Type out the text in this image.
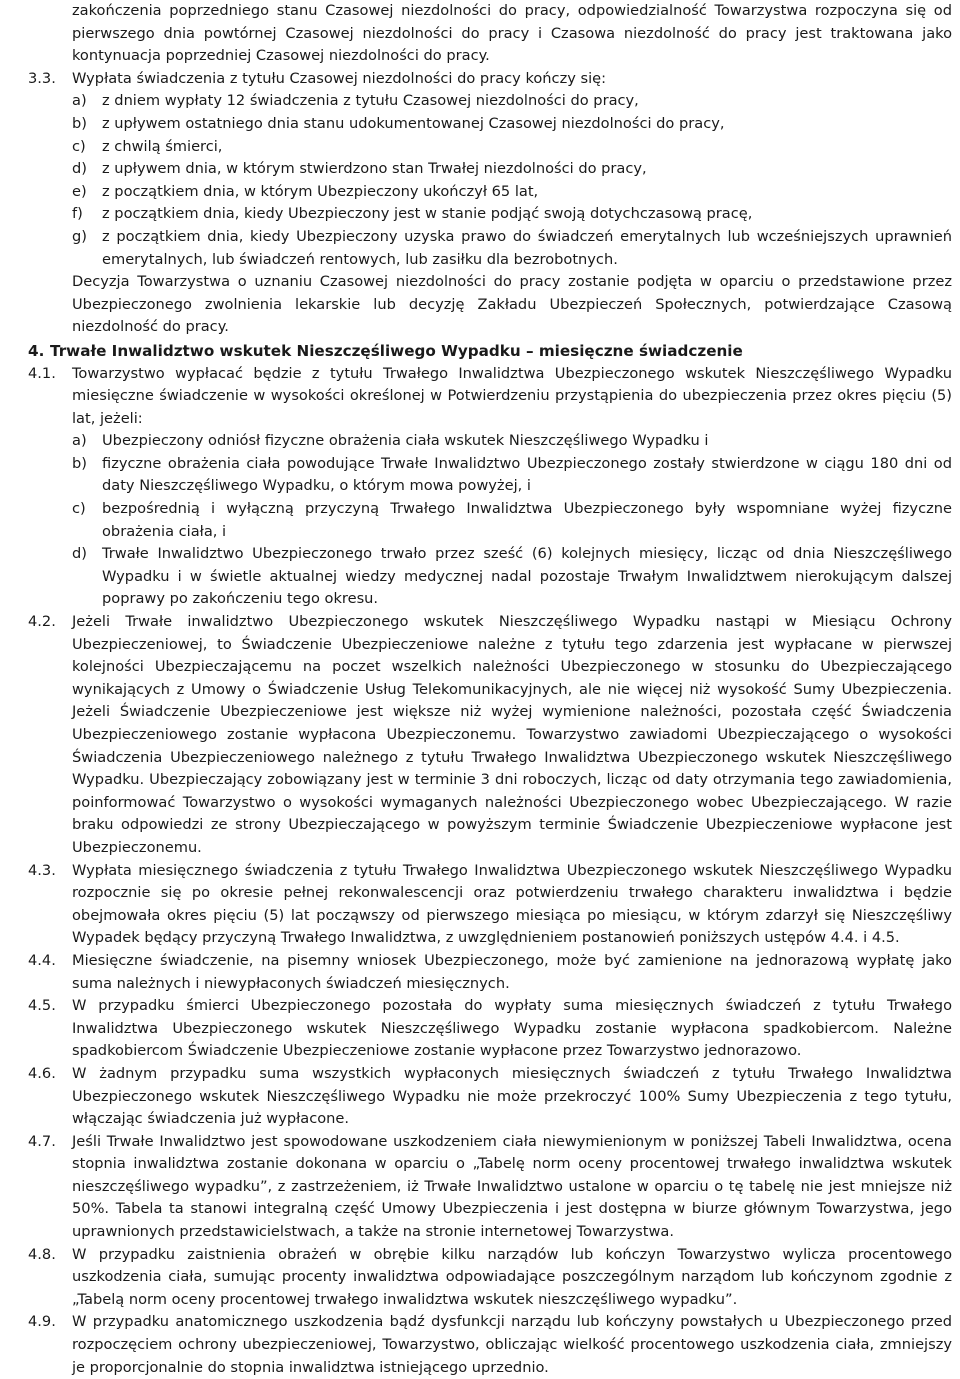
zakończenia poprzedniego stanu Czasowej niezdolności do pracy, odpowiedzialność Towarzystwa rozpoczyna się od pierwszego dnia powtórnej Czasowej niezdolności do pracy i Czasowa niezdolność do pracy jest traktowana jako kontynuacja poprzedniej Czasowej niezdolności do pracy.

3.3.	Wypłata świadczenia z tytułu Czasowej niezdolności do pracy kończy się:
a)	z dniem wypłaty 12 świadczenia z tytułu Czasowej niezdolności do pracy,
b)	z upływem ostatniego dnia stanu udokumentowanej Czasowej niezdolności do pracy,
c)	z chwilą śmierci,
d)	z upływem dnia, w którym stwierdzono stan Trwałej niezdolności do pracy,
e)	z początkiem dnia, w którym Ubezpieczony ukończył 65 lat,
f)	z początkiem dnia, kiedy Ubezpieczony jest w stanie podjąć swoją dotychczasową pracę,
g)	z początkiem dnia, kiedy Ubezpieczony uzyska prawo do świadczeń emerytalnych lub wcześniejszych uprawnień emerytalnych, lub świadczeń rentowych, lub zasiłku dla bezrobotnych.

Decyzja Towarzystwa o uznaniu Czasowej niezdolności do pracy zostanie podjęta w oparciu o przedstawione przez Ubezpieczonego zwolnienia lekarskie lub decyzję Zakładu Ubezpieczeń Społecznych, potwierdzające Czasową niezdolność do pracy.

4. Trwałe Inwalidztwo wskutek Nieszczęśliwego Wypadku – miesięczne świadczenie
4.1.	Towarzystwo wypłacać będzie z tytułu Trwałego Inwalidztwa Ubezpieczonego wskutek Nieszczęśliwego Wypadku miesięczne świadczenie w wysokości określonej w Potwierdzeniu przystąpienia do ubezpieczenia przez okres pięciu (5) lat, jeżeli:
a)	Ubezpieczony odniósł fizyczne obrażenia ciała wskutek Nieszczęśliwego Wypadku i
b)	fizyczne obrażenia ciała powodujące Trwałe Inwalidztwo Ubezpieczonego zostały stwierdzone w ciągu 180 dni od daty Nieszczęśliwego Wypadku, o którym mowa powyżej, i
c)	bezpośrednią i wyłączną przyczyną Trwałego Inwalidztwa Ubezpieczonego były wspomniane wyżej fizyczne obrażenia ciała, i
d)	Trwałe Inwalidztwo Ubezpieczonego trwało przez sześć (6) kolejnych miesięcy, licząc od dnia Nieszczęśliwego Wypadku i w świetle aktualnej wiedzy medycznej nadal pozostaje Trwałym Inwalidztwem nierokującym dalszej poprawy po zakończeniu tego okresu.
4.2.	Jeżeli Trwałe inwalidztwo Ubezpieczonego wskutek Nieszczęśliwego Wypadku nastąpi w Miesiącu Ochrony Ubezpieczeniowej, to Świadczenie Ubezpieczeniowe należne z tytułu tego zdarzenia jest wypłacane w pierwszej kolejności Ubezpieczającemu na poczet wszelkich należności Ubezpieczonego w stosunku do Ubezpieczającego wynikających z Umowy o Świadczenie Usług Telekomunikacyjnych, ale nie więcej niż wysokość Sumy Ubezpieczenia. Jeżeli Świadczenie Ubezpieczeniowe jest większe niż wyżej wymienione należności, pozostała część Świadczenia Ubezpieczeniowego zostanie wypłacona Ubezpieczonemu. Towarzystwo zawiadomi Ubezpieczającego o wysokości Świadczenia Ubezpieczeniowego należnego z tytułu Trwałego Inwalidztwa Ubezpieczonego wskutek Nieszczęśliwego Wypadku. Ubezpieczający zobowiązany jest w terminie 3 dni roboczych, licząc od daty otrzymania tego zawiadomienia, poinformować Towarzystwo o wysokości wymaganych należności Ubezpieczonego wobec Ubezpieczającego. W razie braku odpowiedzi ze strony Ubezpieczającego w powyższym terminie Świadczenie Ubezpieczeniowe wypłacone jest Ubezpieczonemu.
4.3.	Wypłata miesięcznego świadczenia z tytułu Trwałego Inwalidztwa Ubezpieczonego wskutek Nieszczęśliwego Wypadku rozpocznie się po okresie pełnej rekonwalescencji oraz potwierdzeniu trwałego charakteru inwalidztwa i będzie obejmowała okres pięciu (5) lat począwszy od pierwszego miesiąca po miesiącu, w którym zdarzył się Nieszczęśliwy Wypadek będący przyczyną Trwałego Inwalidztwa, z uwzględnieniem postanowień poniższych ustępów 4.4. i 4.5.
4.4.	Miesięczne świadczenie, na pisemny wniosek Ubezpieczonego, może być zamienione na jednorazową wypłatę jako suma należnych i niewypłaconych świadczeń miesięcznych.
4.5.	W przypadku śmierci Ubezpieczonego pozostała do wypłaty suma miesięcznych świadczeń z tytułu Trwałego Inwalidztwa Ubezpieczonego wskutek Nieszczęśliwego Wypadku zostanie wypłacona spadkobiercom. Należne spadkobiercom Świadczenie Ubezpieczeniowe zostanie wypłacone przez Towarzystwo jednorazowo.
4.6.	W żadnym przypadku suma wszystkich wypłaconych miesięcznych świadczeń z tytułu Trwałego Inwalidztwa Ubezpieczonego wskutek Nieszczęśliwego Wypadku nie może przekroczyć 100% Sumy Ubezpieczenia z tego tytułu, włączając świadczenia już wypłacone.
4.7.	Jeśli Trwałe Inwalidztwo jest spowodowane uszkodzeniem ciała niewymienionym w poniższej Tabeli Inwalidztwa, ocena stopnia inwalidztwa zostanie dokonana w oparciu o „Tabelę norm oceny procentowej trwałego inwalidztwa wskutek nieszczęśliwego wypadku”, z zastrzeżeniem, iż Trwałe Inwalidztwo ustalone w oparciu o tę tabelę nie jest mniejsze niż 50%. Tabela ta stanowi integralną część Umowy Ubezpieczenia i jest dostępna w biurze głównym Towarzystwa, jego uprawnionych przedstawicielstwach, a także na stronie internetowej Towarzystwa.
4.8.	W przypadku zaistnienia obrażeń w obrębie kilku narządów lub kończyn Towarzystwo wylicza procentowego uszkodzenia ciała, sumując procenty inwalidztwa odpowiadające poszczególnym narządom lub kończynom zgodnie z „Tabelą norm oceny procentowej trwałego inwalidztwa wskutek nieszczęśliwego wypadku”.
4.9.	W przypadku anatomicznego uszkodzenia bądź dysfunkcji narządu lub kończyny powstałych u Ubezpieczonego przed rozpoczęciem ochrony ubezpieczeniowej, Towarzystwo, obliczając wielkość procentowego uszkodzenia ciała, zmniejszy je proporcjonalnie do stopnia inwalidztwa istniejącego uprzednio.
